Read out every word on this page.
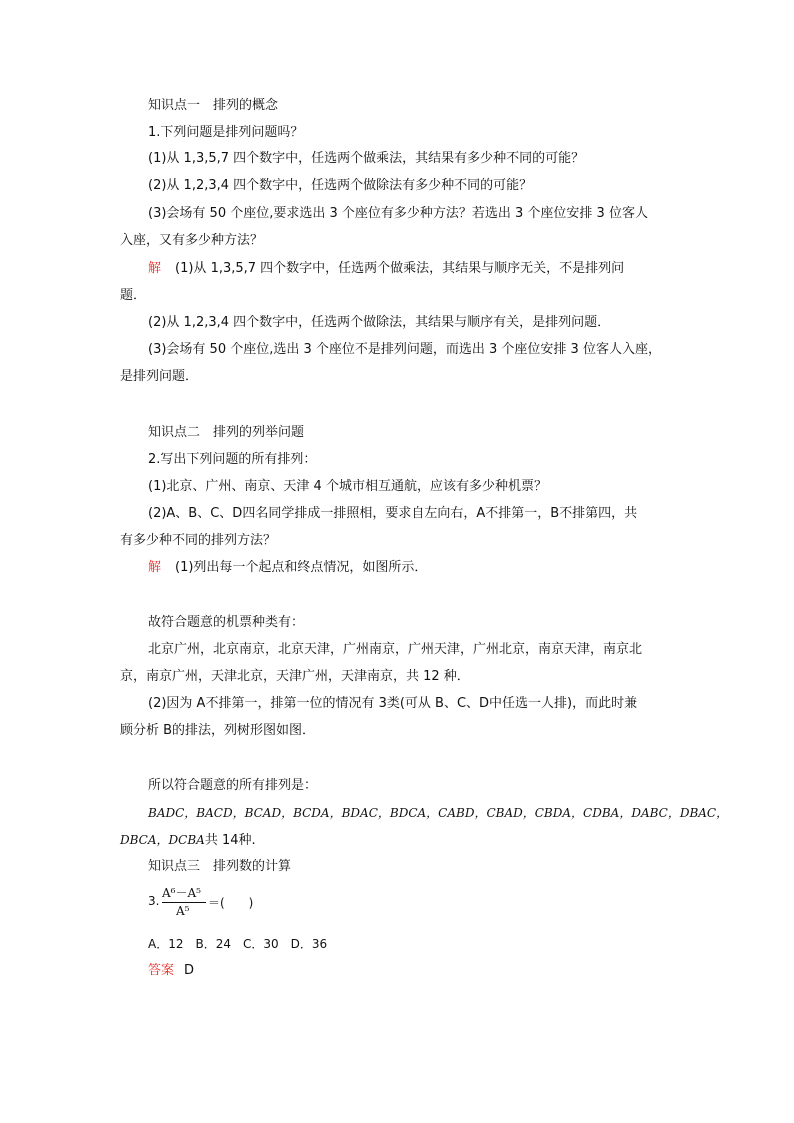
知识点一　排列的概念
1.下列问题是排列问题吗？
(1)从 1,3,5,7 四个数字中，任选两个做乘法，其结果有多少种不同的可能？
(2)从 1,2,3,4 四个数字中，任选两个做除法有多少种不同的可能？
(3)会场有 50 个座位,要求选出 3 个座位有多少种方法？若选出 3 个座位安排 3 位客人
入座，又有多少种方法？
解 (1)从 1,3,5,7 四个数字中，任选两个做乘法，其结果与顺序无关，不是排列问
题．
(2)从 1,2,3,4 四个数字中，任选两个做除法，其结果与顺序有关，是排列问题．
(3)会场有 50 个座位,选出 3 个座位不是排列问题，而选出 3 个座位安排 3 位客人入座，
是排列问题．
知识点二　排列的列举问题
2.写出下列问题的所有排列：
(1)北京、广州、南京、天津 4 个城市相互通航，应该有多少种机票？
(2)A、B、C、D四名同学排成一排照相，要求自左向右，A不排第一，B不排第四，共
有多少种不同的排列方法？
解 (1)列出每一个起点和终点情况，如图所示．
故符合题意的机票种类有：
北京广州，北京南京，北京天津，广州南京，广州天津，广州北京，南京天津，南京北
京，南京广州，天津北京，天津广州，天津南京，共 12 种．
(2)因为 A不排第一，排第一位的情况有 3类(可从 B、C、D中任选一人排)，而此时兼
顾分析 B的排法，列树形图如图．
所以符合题意的所有排列是：
BADC，BACD，BCAD，BCDA，BDAC，BDCA，CABD，CBAD，CBDA，CDBA，DABC，DBAC，
DBCA，DCBA共 14种.
知识点三　排列数的计算
3.
A⁶－A⁵
A⁵
＝(　　)
A．12　B．24　C．30　D．36
答案 D
